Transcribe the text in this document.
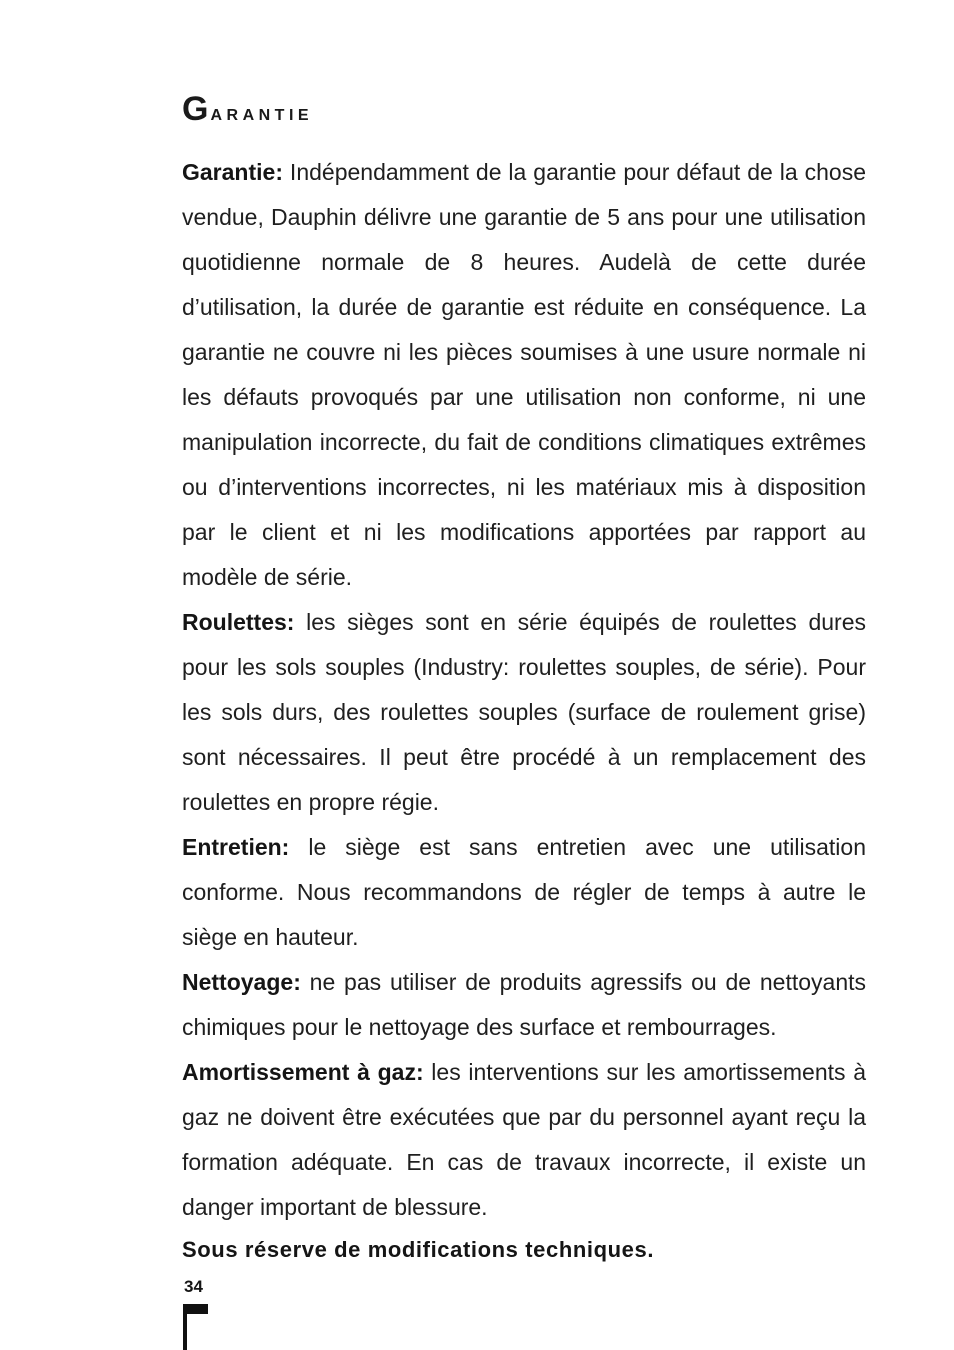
Garantie

Garantie: Indépendamment de la garantie pour défaut de la chose vendue, Dauphin délivre une garantie de 5 ans pour une utilisation quotidienne normale de 8 heures. Audelà de cette durée d’utilisation, la durée de garantie est réduite en conséquence. La garantie ne couvre ni les pièces soumises à une usure normale ni les défauts provoqués par une utilisation non conforme, ni une manipulation incorrecte, du fait de conditions climatiques extrêmes ou d’interventions incorrectes, ni les matériaux mis à disposition par le client et ni les modifications apportées par rapport au modèle de série.

Roulettes: les sièges sont en série équipés de roulettes dures pour les sols souples (Industry: roulettes souples, de série). Pour les sols durs, des roulettes souples (surface de roulement grise) sont nécessaires. Il peut être procédé à un remplacement des roulettes en propre régie.

Entretien: le siège est sans entretien avec une utilisation conforme. Nous recommandons de régler de temps à autre le siège en hauteur.

Nettoyage: ne pas utiliser de produits agressifs ou de nettoyants chimiques pour le nettoyage des surface et rembourrages.

Amortissement à gaz: les interventions sur les amortissements à gaz ne doivent être exécutées que par du personnel ayant reçu la formation adéquate. En cas de travaux incorrecte, il existe un danger important de blessure.

Sous réserve de modifications techniques.
34
